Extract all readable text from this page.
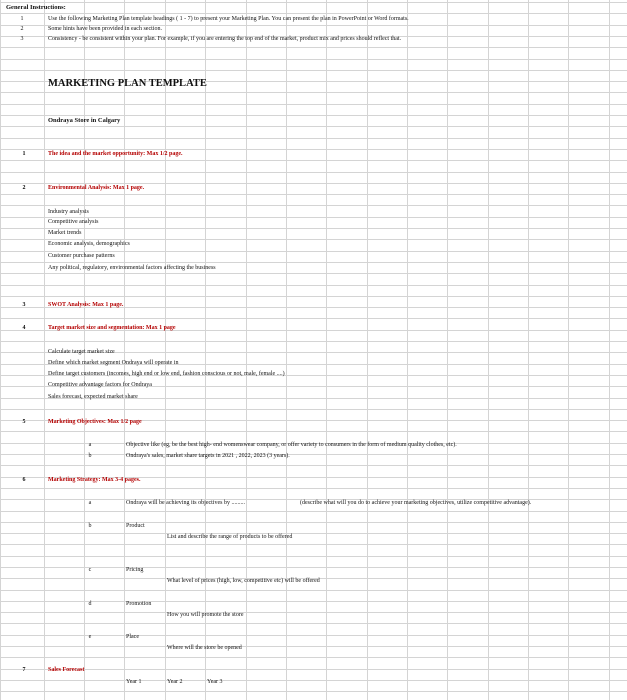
General Instructions:
1	Use the following Marketing Plan template headings ( 1 - 7) to present your Marketing Plan. You can present the plan in PowerPoint or Word formats.
2	Some hints have been provided in each section.
3	Consistency - be consistent within your plan. For example, if you are entering the top end of the market, product mix and prices should reflect that.
MARKETING PLAN TEMPLATE
Ondraya Store in Calgary
1	The idea and the market opportunity: Max 1/2 page.
2	Environmental Analysis: Max 1 page.
Industry analysis
Competitive analysis
Market trends
Economic analysis, demographics
Customer purchase patterns
Any political, regulatory, environmental factors affecting the business
3	SWOT Analysis: Max 1 page.
4	Target market size and segmentation: Max 1 page
Calculate target market size
Define which market segment Ondraya will operate in
Define target customers (incomes, high end or low end, fashion conscious or not, male, female ....)
Competitive advantage factors for Ondraya
Sales forecast, expected market share
5	Marketing Objectives: Max 1/2 page
a	Objective like (eg, be the best high- end womenswear company, or offer variety to consumers in the form of medium quality clothes, etc).
b	Ondraya's sales, market share targets in 2021 , 2022, 2023 (3 years).
6	Marketing Strategy: Max 3-4 pages.
a	Ondraya will be achieving its objectives by .........	(describe what will you do to achieve your marketing objectives, utilize competitive advantage).
b	Product
List and describe the range of products to be offered
c	Pricing
What level of prices (high, low, competitive etc) will be offered
d	Promotion
How you will promote the store
e	Place
Where will the store be opened
7	Sales Forecast
Year 1	Year 2	Year 3
